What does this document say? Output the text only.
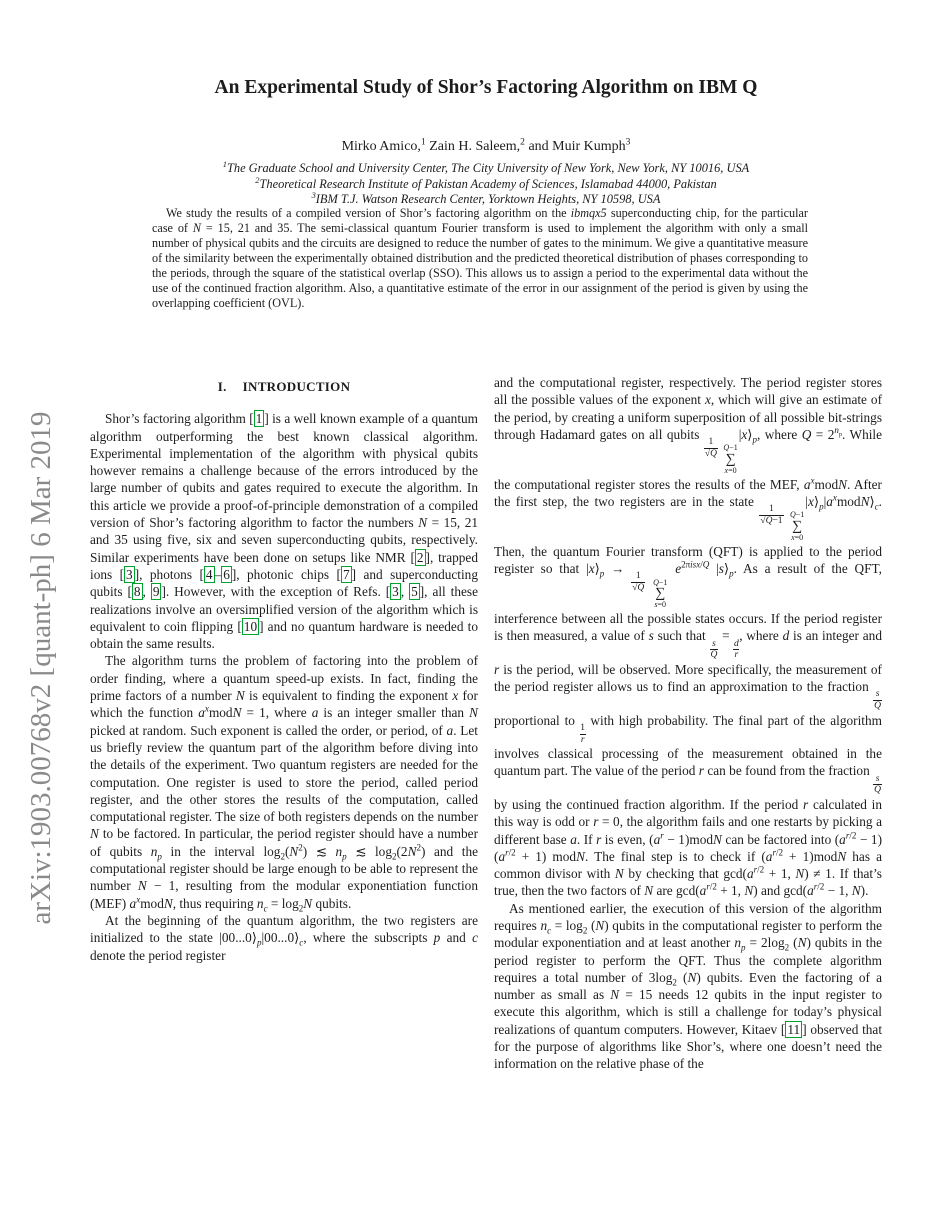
arXiv:1903.00768v2 [quant-ph] 6 Mar 2019
An Experimental Study of Shor’s Factoring Algorithm on IBM Q
Mirko Amico,$^1$ Zain H. Saleem,$^2$ and Muir Kumph$^3$
$^1$The Graduate School and University Center, The City University of New York, New York, NY 10016, USA
$^2$Theoretical Research Institute of Pakistan Academy of Sciences, Islamabad 44000, Pakistan
$^3$IBM T.J. Watson Research Center, Yorktown Heights, NY 10598, USA
We study the results of a compiled version of Shor’s factoring algorithm on the ibmqx5 superconducting chip, for the particular case of N = 15, 21 and 35. The semi-classical quantum Fourier transform is used to implement the algorithm with only a small number of physical qubits and the circuits are designed to reduce the number of gates to the minimum. We give a quantitative measure of the similarity between the experimentally obtained distribution and the predicted theoretical distribution of phases corresponding to the periods, through the square of the statistical overlap (SSO). This allows us to assign a period to the experimental data without the use of the continued fraction algorithm. Also, a quantitative estimate of the error in our assignment of the period is given by using the overlapping coefficient (OVL).
I. INTRODUCTION

Shor’s factoring algorithm [ 1 ] is a well known example of a quantum algorithm outperforming the best known classical algorithm. Experimental implementation of the algorithm with physical qubits however remains a challenge because of the errors introduced by the large number of qubits and gates required to execute the algorithm. In this article we provide a proof-of-principle demonstration of a compiled version of Shor’s factoring algorithm to factor the numbers N = 15, 21 and 35 using five, six and seven superconducting qubits, respectively. Similar experiments have been done on setups like NMR [ 2 ], trapped ions [ 3 ], photons [ 4 – 6 ], photonic chips [ 7 ] and superconducting qubits [ 8 , 9 ]. However, with the exception of Refs. [ 3 , 5 ], all these realizations involve an oversimplified version of the algorithm which is equivalent to coin flipping [ 10 ] and no quantum hardware is needed to obtain the same results.

The algorithm turns the problem of factoring into the problem of order finding, where a quantum speed-up exists. In fact, finding the prime factors of a number N is equivalent to finding the exponent x for which the function $a^xmodN = 1$, where a is an integer smaller than N picked at random. Such exponent is called the order, or period, of a. Let us briefly review the quantum part of the algorithm before diving into the details of the experiment. Two quantum registers are needed for the computation. One register is used to store the period, called period register, and the other stores the results of the computation, called computational register. The size of both registers depends on the number N to be factored. In particular, the period register should have a number of qubits $n_p$ in the interval $\log_2(N^2)$ ≲ $n_p$ ≲ $\log_2(2N^2)$ and the computational register should be large enough to be able to represent the number N − 1, resulting from the modular exponentiation function (MEF) $a^xmodN$, thus requiring $n_c = \log_2N$ qubits.

At the beginning of the quantum algorithm, the two registers are initialized to the state $|00...0⟩_p|00...0⟩_c$, where the subscripts p and c denote the period register

and the computational register, respectively. The period register stores all the possible values of the exponent x, which will give an estimate of the period, by creating a uniform superposition of all possible bit-strings through Hadamard gates on all qubits
$\frac{1}{√Q}$
Q−1
∑
x=0
$|x⟩_p$, where $Q = 2^{n_p}$. While the computational register stores the results of the MEF, $a^xmodN$. After the first step, the two registers are in the state
$\frac{1}{√Q-1}$
Q−1
∑
x=0
$|x⟩_p|a^xmodN⟩_c$. Then, the quantum Fourier transform (QFT) is applied to the period register so that $|x⟩_p$ →
$\frac{1}{√Q}$
Q−1
∑
s=0
$e^{2\pi isx/Q}$ $|s⟩_p$. As a result of the QFT, interference between all the possible states occurs. If the period register is then measured, a value of s such that
$\frac{s}{Q}$
=
$\frac{d}{r}$
, where d is an integer and r is the period, will be observed. More specifically, the measurement of the period register allows us to find an approximation to the fraction
$\frac{s}{Q}$
proportional to
$\frac{1}{r}$
with high probability. The final part of the algorithm involves classical processing of the measurement obtained in the quantum part. The value of the period r can be found from the fraction
$\frac{s}{Q}$
by using the continued fraction algorithm. If the period r calculated in this way is odd or r = 0, the algorithm fails and one restarts by picking a different base a. If r is even, ($a^r$ − 1)modN can be factored into $(a^{r/2} - 1)(a^{r/2} + 1)$ modN. The final step is to check if ($a^{r/2}$ + 1)modN has a common divisor with N by checking that $\gcd(a^{r/2} + 1$, N) ≠ 1. If that’s true, then the two factors of N are $\gcd(a^{r/2} + 1$, N) and $\gcd(a^{r/2} - 1$, N).

As mentioned earlier, the execution of this version of the algorithm requires $n_c = \log_2 (N)$ qubits in the computational register to perform the modular exponentiation and at least another $n_p = 2\log_2$ (N) qubits in the period register to perform the QFT. Thus the complete algorithm requires a total number of $3\log_2$ (N) qubits. Even the factoring of a number as small as N = 15 needs 12 qubits in the input register to execute this algorithm, which is still a challenge for today’s physical realizations of quantum computers. However, Kitaev [ 11 ] observed that for the purpose of algorithms like Shor’s, where one doesn’t need the information on the relative phase of the
